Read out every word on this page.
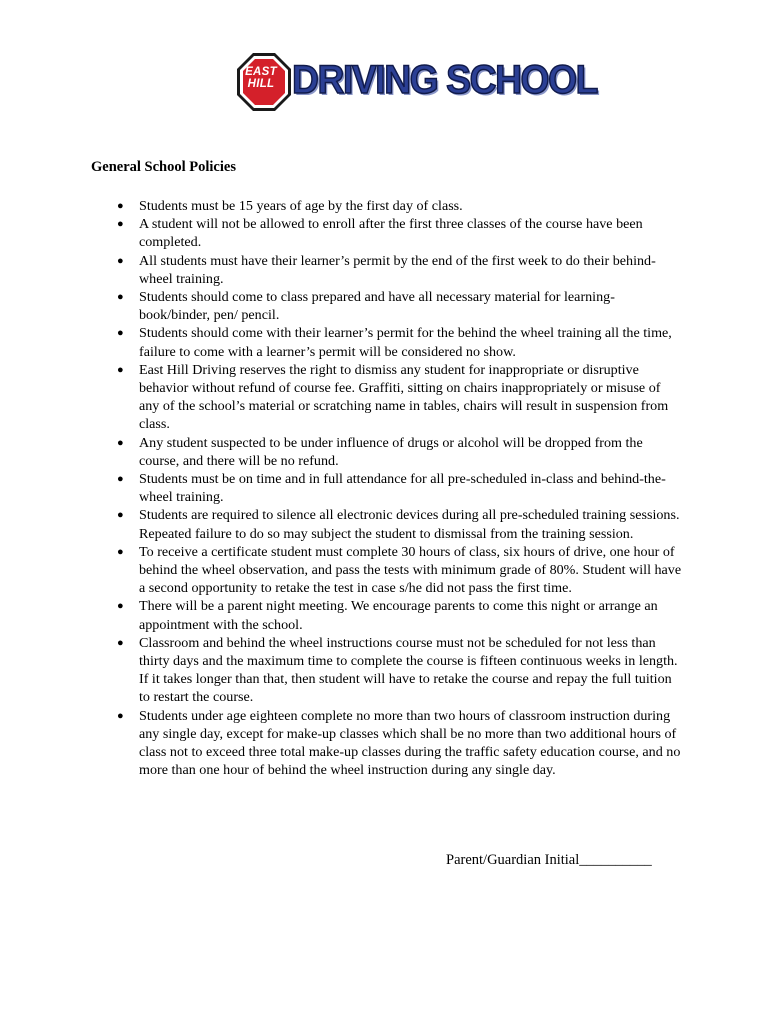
EAST
HILL DRIVING SCHOOL
General School Policies
● Students must be 15 years of age by the first day of class.
● A student will not be allowed to enroll after the first three classes of the course have been completed.
● All students must have their learner’s permit by the end of the first week to do their behind-wheel training.
● Students should come to class prepared and have all necessary material for learning-book/binder, pen/ pencil.
● Students should come with their learner’s permit for the behind the wheel training all the time, failure to come with a learner’s permit will be considered no show.
● East Hill Driving reserves the right to dismiss any student for inappropriate or disruptive behavior without refund of course fee. Graffiti, sitting on chairs inappropriately or misuse of any of the school’s material or scratching name in tables, chairs will result in suspension from class.
● Any student suspected to be under influence of drugs or alcohol will be dropped from the course, and there will be no refund.
● Students must be on time and in full attendance for all pre-scheduled in-class and behind-the-wheel training.
● Students are required to silence all electronic devices during all pre-scheduled training sessions. Repeated failure to do so may subject the student to dismissal from the training session.
● To receive a certificate student must complete 30 hours of class, six hours of drive, one hour of behind the wheel observation, and pass the tests with minimum grade of 80%. Student will have a second opportunity to retake the test in case s/he did not pass the first time.
● There will be a parent night meeting. We encourage parents to come this night or arrange an appointment with the school.
● Classroom and behind the wheel instructions course must not be scheduled for not less than thirty days and the maximum time to complete the course is fifteen continuous weeks in length. If it takes longer than that, then student will have to retake the course and repay the full tuition to restart the course.
● Students under age eighteen complete no more than two hours of classroom instruction during any single day, except for make-up classes which shall be no more than two additional hours of class not to exceed three total make-up classes during the traffic safety education course, and no more than one hour of behind the wheel instruction during any single day.
Parent/Guardian Initial__________
